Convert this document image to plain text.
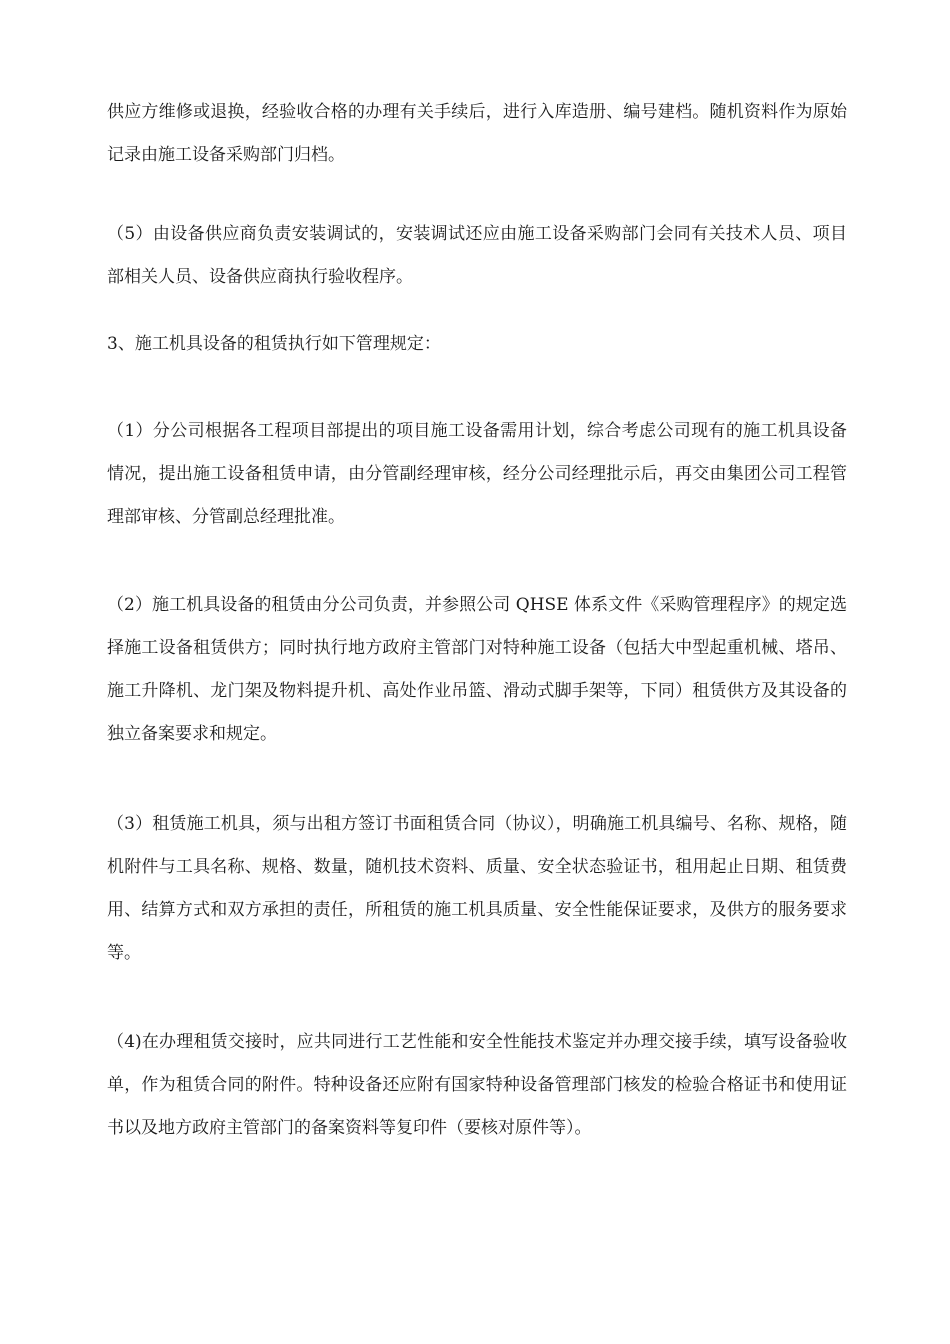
供应方维修或退换，经验收合格的办理有关手续后，进行入库造册、编号建档。随机资料作为原始记录由施工设备采购部门归档。

（5）由设备供应商负责安装调试的，安装调试还应由施工设备采购部门会同有关技术人员、项目部相关人员、设备供应商执行验收程序。

3、施工机具设备的租赁执行如下管理规定：

（1）分公司根据各工程项目部提出的项目施工设备需用计划，综合考虑公司现有的施工机具设备情况，提出施工设备租赁申请，由分管副经理审核，经分公司经理批示后，再交由集团公司工程管理部审核、分管副总经理批准。

（2）施工机具设备的租赁由分公司负责，并参照公司 QHSE 体系文件《采购管理程序》的规定选择施工设备租赁供方；同时执行地方政府主管部门对特种施工设备（包括大中型起重机械、塔吊、施工升降机、龙门架及物料提升机、高处作业吊篮、滑动式脚手架等，下同）租赁供方及其设备的独立备案要求和规定。

（3）租赁施工机具，须与出租方签订书面租赁合同（协议），明确施工机具编号、名称、规格，随机附件与工具名称、规格、数量，随机技术资料、质量、安全状态验证书，租用起止日期、租赁费用、结算方式和双方承担的责任，所租赁的施工机具质量、安全性能保证要求，及供方的服务要求等。

（4)在办理租赁交接时，应共同进行工艺性能和安全性能技术鉴定并办理交接手续，填写设备验收单，作为租赁合同的附件。特种设备还应附有国家特种设备管理部门核发的检验合格证书和使用证书以及地方政府主管部门的备案资料等复印件（要核对原件等）。
